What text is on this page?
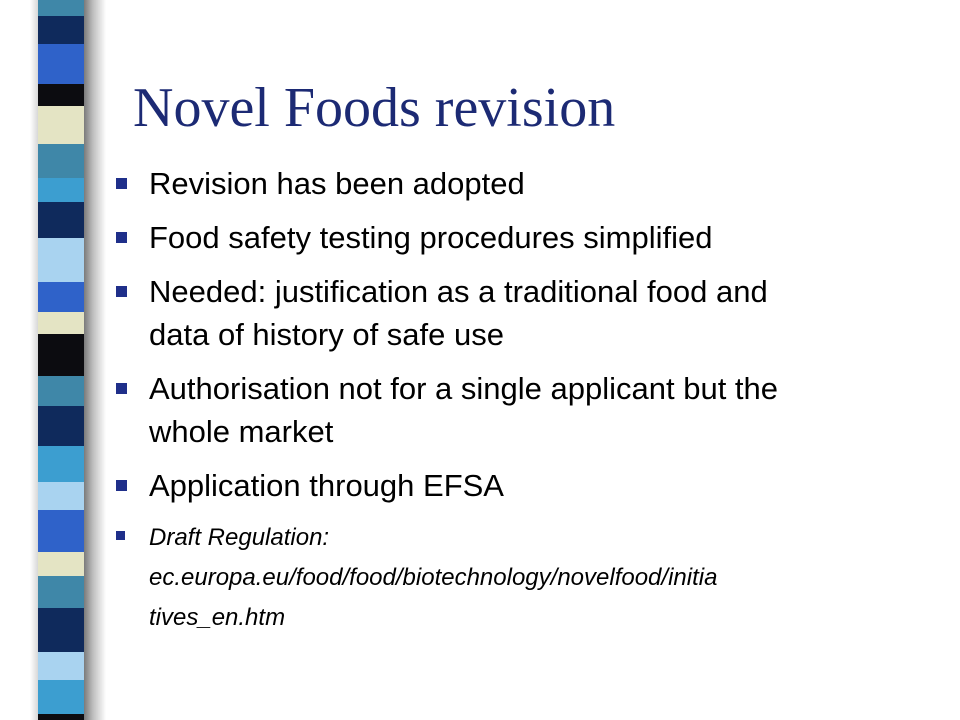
Novel Foods revision
Revision has been adopted
Food safety testing procedures simplified
Needed: justification as a traditional food and
data of history of safe use
Authorisation not for a single applicant but the
whole market
Application through EFSA
Draft Regulation:
ec.europa.eu/food/food/biotechnology/novelfood/initia
tives_en.htm
